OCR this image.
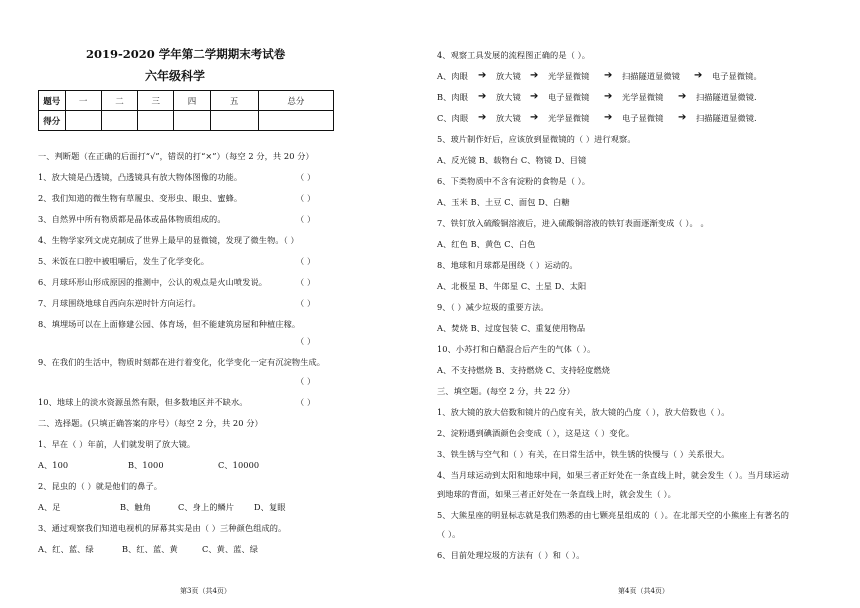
2019-2020 学年第二学期期末考试卷
六年级科学
题号	一	二	三	四	五	总分
得分						
一、判断题（在正确的后面打“√”，错误的打“×”）（每空 2 分，共 20 分）
1、放大镜是凸透镜，凸透镜具有放大物体图像的功能。	（ ）
2、我们知道的微生物有草履虫、变形虫、眼虫、蜜蜂。	（ ）
3、自然界中所有物质都是晶体或晶体物质组成的。	（ ）
4、生物学家列文虎克制成了世界上最早的显微镜，发现了微生物。（ ）
5、米饭在口腔中被咀嚼后，发生了化学变化。	（ ）
6、月球环形山形成原因的推测中，公认的观点是火山喷发说。	（ ）
7、月球围绕地球自西向东逆时针方向运行。	（ ）
8、填埋场可以在上面修建公园、体育场，但不能建筑房屋和种植庄稼。
（ ）
9、在我们的生活中，物质时刻都在进行着变化，化学变化一定有沉淀物生成。
（ ）
10、地球上的淡水资源虽然有限，但多数地区并不缺水。	（ ）
二、选择题。(只填正确答案的序号）（每空 2 分，共 20 分）
1、早在（ ）年前，人们就发明了放大镜。
A、100	B、1000	C、10000
2、昆虫的（ ）就是他们的鼻子。
A、足	B、触角	C、身上的鳞片 D、复眼
3、通过观察我们知道电视机的屏幕其实是由（ ）三种颜色组成的。
A、红、蓝、绿	B、红、蓝、黄	C、黄、蓝、绿
4、观察工具发展的流程图正确的是（ ）。
A、肉眼 ➔ 放大镜 ➔ 光学显微镜 ➔ 扫描隧道显微镜 ➔ 电子显微镜。
B、肉眼 ➔ 放大镜 ➔ 电子显微镜 ➔ 光学显微镜 ➔ 扫描隧道显微镜.
C、肉眼 ➔ 放大镜 ➔ 光学显微镜 ➔ 电子显微镜 ➔ 扫描隧道显微镜.
5、玻片制作好后，应该放到显微镜的（ ）进行观察。
A、反光镜 B、载物台 C、物镜 D、目镜
6、下类物质中不含有淀粉的食物是（ ）。
A、玉米 B、土豆 C、面包 D、白糖
7、铁钉放入硫酸铜溶液后，进入硫酸铜溶液的铁钉表面逐渐变成（ ）。 。
A、红色 B、黄色 C、白色
8、地球和月球都是围绕（ ）运动的。
A、北极星 B、牛郎星 C、土星 D、太阳
9、（ ）减少垃圾的重要方法。
A、焚烧 B、过度包装 C、重复使用物品
10、小苏打和白醋混合后产生的气体（ ）。
A、不支持燃烧 B、支持燃烧 C、支持轻度燃烧
三、填空题。(每空 2 分，共 22 分）
1、放大镜的放大倍数和镜片的凸度有关，放大镜的凸度（ ），放大倍数也（ ）。
2、淀粉遇到碘酒颜色会变成（ ），这是这（ ）变化。
3、铁生锈与空气和（ ）有关，在日常生活中，铁生锈的快慢与（ ）关系很大。
4、当月球运动到太阳和地球中间，如果三者正好处在一条直线上时，就会发生（ ）。当月球运动
到地球的背面，如果三者正好处在一条直线上时，就会发生（ ）。
5、大熊星座的明显标志就是我们熟悉的由七颗亮星组成的（ ）。在北部天空的小熊座上有著名的
（ ）。
6、目前处理垃圾的方法有（ ）和（ ）。
第3页（共4页）	第4页（共4页）
